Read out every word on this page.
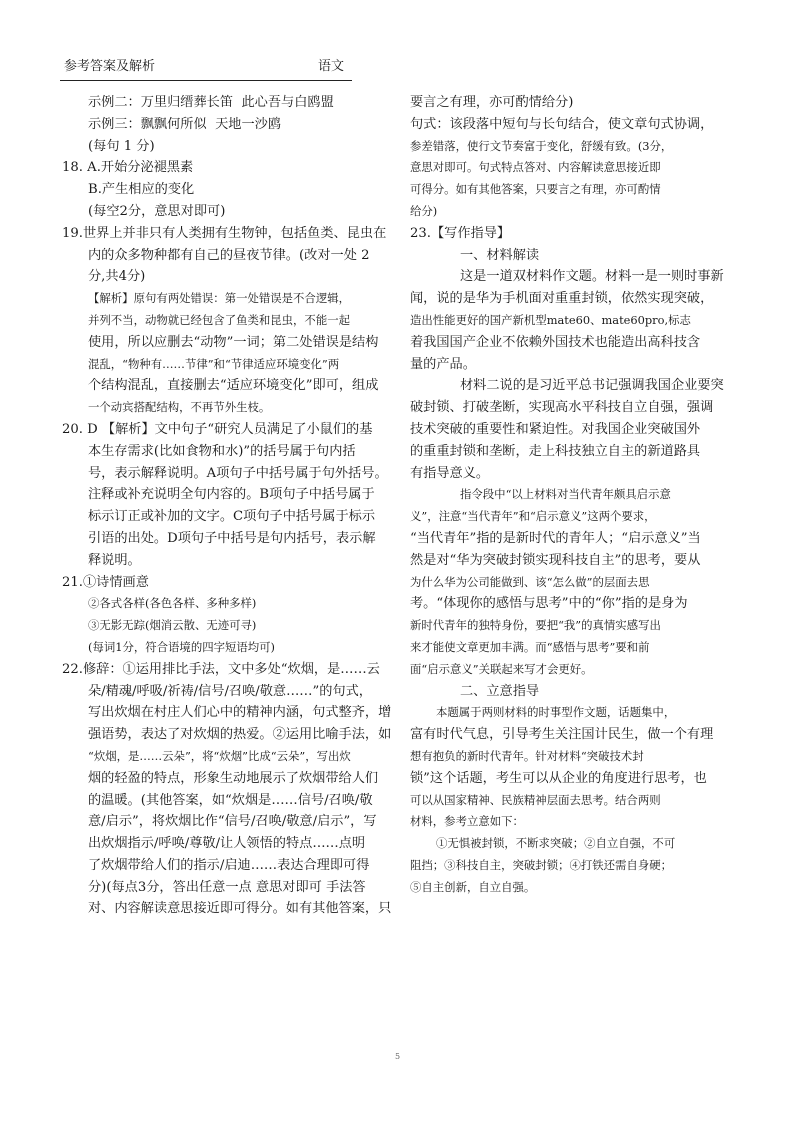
参考答案及解析	语文

示例二：万里归缙葬长笛  此心吾与白鸥盟

示例三：飘飘何所似  天地一沙鸥

(每句 1 分)

18. A.开始分泌褪黑素

B.产生相应的变化

(每空2分，意思对即可)

19.世界上并非只有人类拥有生物钟，包括鱼类、昆虫在

内的众多物种都有自己的昼夜节律。(改对一处 2

分,共4分)

【解析】原句有两处错误：第一处错误是不合逻辑，

并列不当，动物就已经包含了鱼类和昆虫，不能一起

使用，所以应删去“动物”一词；第二处错误是结构

混乱，“物种有……节律”和“节律适应环境变化”两

个结构混乱，直接删去“适应环境变化”即可，组成

一个动宾搭配结构，不再节外生枝。

20. D 【解析】文中句子“研究人员满足了小鼠们的基

本生存需求(比如食物和水)”的括号属于句内括

号，表示解释说明。A项句子中括号属于句外括号。

注释或补充说明全句内容的。B项句子中括号属于

标示订正或补加的文字。C项句子中括号属于标示

引语的出处。D项句子中括号是句内括号，表示解

释说明。

21.①诗情画意

②各式各样(各色各样、多种多样)

③无影无踪(烟消云散、无迹可寻)

(每词1分，符合语境的四字短语均可)

22.修辞：①运用排比手法，文中多处“炊烟，是……云

朵/精魂/呼吸/祈祷/信号/召唤/敬意……”的句式，

写出炊烟在村庄人们心中的精神内涵，句式整齐，增

强语势，表达了对炊烟的热爱。②运用比喻手法，如

“炊烟，是……云朵”，将“炊烟”比成“云朵”，写出炊

烟的轻盈的特点，形象生动地展示了炊烟带给人们

的温暖。(其他答案，如“炊烟是……信号/召唤/敬

意/启示”，将炊烟比作“信号/召唤/敬意/启示”，写

出炊烟指示/呼唤/尊敬/让人领悟的特点……点明

了炊烟带给人们的指示/启迪……表达合理即可得

分)(每点3分，答出任意一点 意思对即可 手法答

对、内容解读意思接近即可得分。如有其他答案，只

要言之有理，亦可酌情给分)

句式：该段落中短句与长句结合，使文章句式协调，

参差错落，使行文节奏富于变化，舒缓有致。(3分，

意思对即可。句式特点答对、内容解读意思接近即

可得分。如有其他答案，只要言之有理，亦可酌情

给分)

23.【写作指导】

一、材料解读

这是一道双材料作文题。材料一是一则时事新

闻，说的是华为手机面对重重封锁，依然实现突破，

造出性能更好的国产新机型mate60、mate60pro,标志

着我国国产企业不依赖外国技术也能造出高科技含

量的产品。

材料二说的是习近平总书记强调我国企业要突

破封锁、打破垄断，实现高水平科技自立自强，强调

技术突破的重要性和紧迫性。对我国企业突破国外

的重重封锁和垄断，走上科技独立自主的新道路具

有指导意义。

指令段中“以上材料对当代青年颇具启示意

义”，注意“当代青年”和“启示意义”这两个要求，

“当代青年”指的是新时代的青年人；“启示意义”当

然是对“华为突破封锁实现科技自主”的思考，要从

为什么华为公司能做到、该“怎么做”的层面去思

考。“体现你的感悟与思考”中的“你”指的是身为

新时代青年的独特身份，要把“我”的真情实感写出

来才能使文章更加丰满。而“感悟与思考”要和前

面“启示意义”关联起来写才会更好。

二、立意指导

本题属于两则材料的时事型作文题，话题集中，

富有时代气息，引导考生关注国计民生，做一个有理

想有抱负的新时代青年。针对材料“突破技术封

锁”这个话题，考生可以从企业的角度进行思考，也

可以从国家精神、民族精神层面去思考。结合两则

材料，参考立意如下：

①无惧被封锁，不断求突破；②自立自强，不可

阻挡；③科技自主，突破封锁；④打铁还需自身硬；

⑤自主创新，自立自强。

5
